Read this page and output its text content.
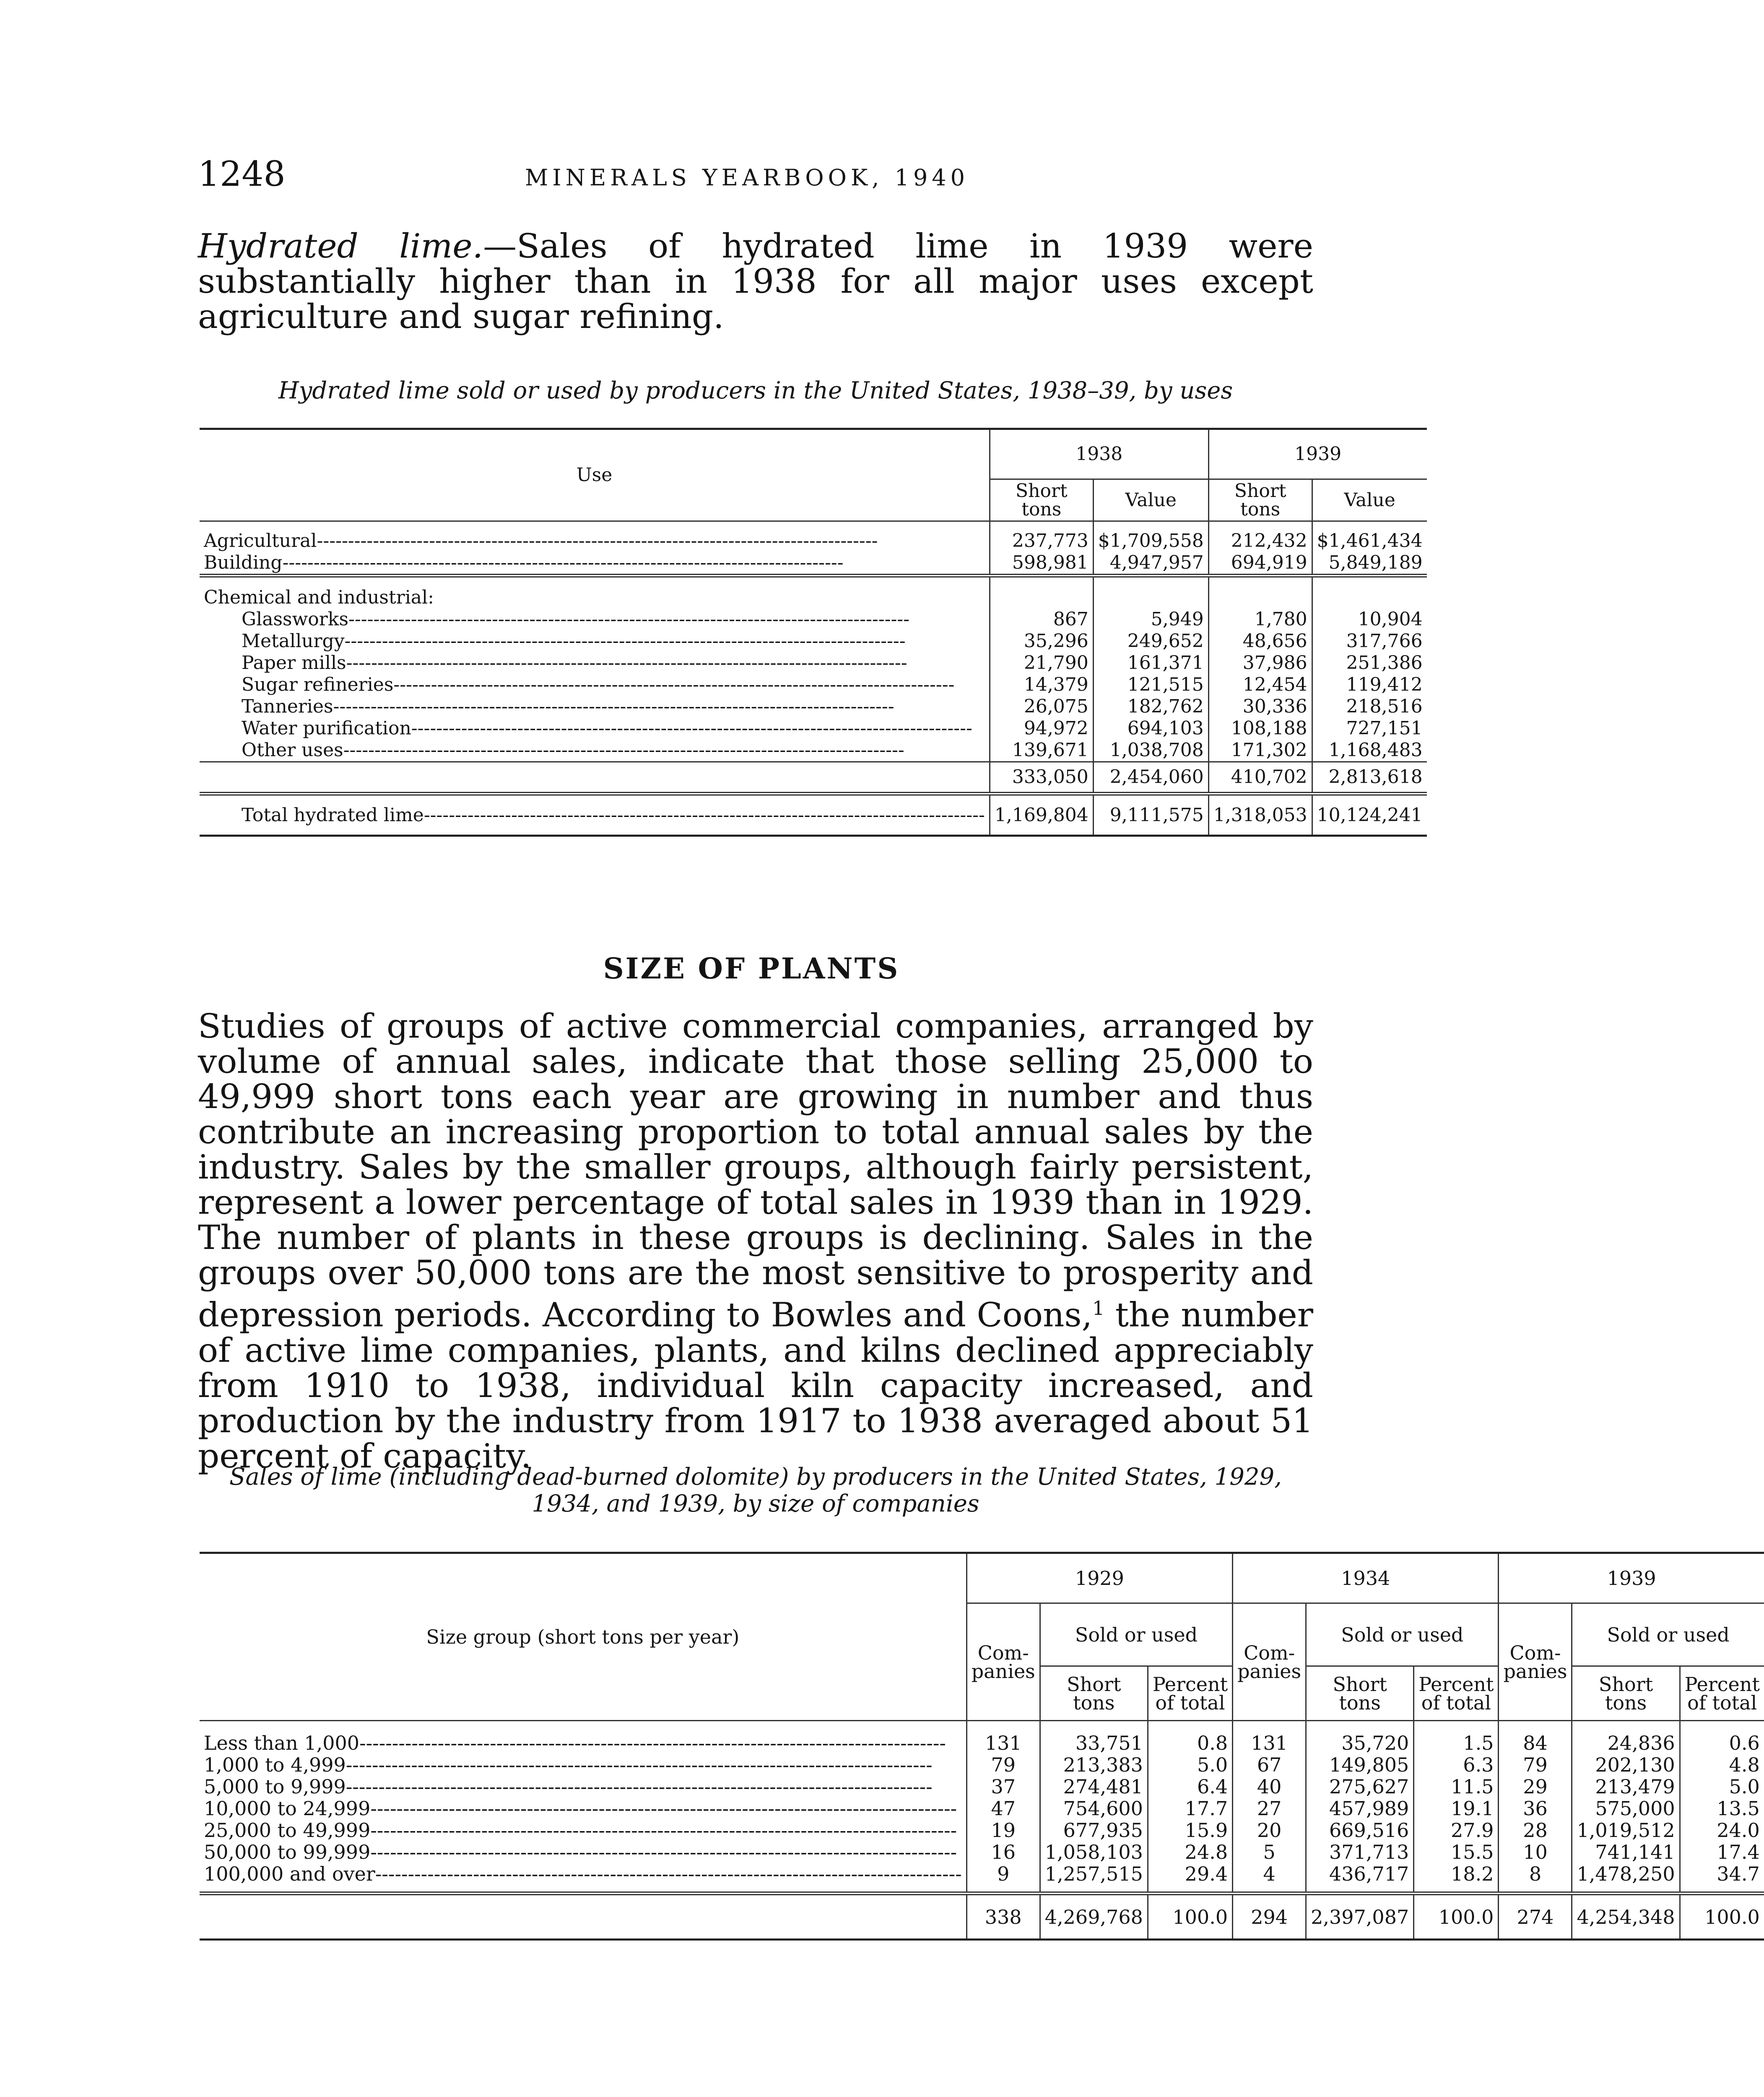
1248	MINERALS YEARBOOK, 1940
Hydrated lime.—Sales of hydrated lime in 1939 were substantially higher than in 1938 for all major uses except agriculture and sugar refining.
Hydrated lime sold or used by producers in the United States, 1938–39, by uses
Use	1938		1939	
	Short tons	Value	Short tons	Value
Agricultural -----	237,773	$1,709,558	212,432	$1,461,434
Building -----	598,981	4,947,957	694,919	5,849,189
Chemical and industrial:				
Glassworks -----	867	5,949	1,780	10,904
Metallurgy -----	35,296	249,652	48,656	317,766
Paper mills -----	21,790	161,371	37,986	251,386
Sugar refineries -----	14,379	121,515	12,454	119,412
Tanneries -----	26,075	182,762	30,336	218,516
Water purification -----	94,972	694,103	108,188	727,151
Other uses -----	139,671	1,038,708	171,302	1,168,483
	333,050	2,454,060	410,702	2,813,618
Total hydrated lime -----	1,169,804	9,111,575	1,318,053	10,124,241
SIZE OF PLANTS
Studies of groups of active commercial companies, arranged by volume of annual sales, indicate that those selling 25,000 to 49,999 short tons each year are growing in number and thus contribute an increasing proportion to total annual sales by the industry. Sales by the smaller groups, although fairly persistent, represent a lower percentage of total sales in 1939 than in 1929. The number of plants in these groups is declining. Sales in the groups over 50,000 tons are the most sensitive to prosperity and depression periods. According to Bowles and Coons,$^1$ the number of active lime companies, plants, and kilns declined appreciably from 1910 to 1938, individual kiln capacity increased, and production by the industry from 1917 to 1938 averaged about 51 percent of capacity.
Sales of lime (including dead-burned dolomite) by producers in the United States, 1929,
1934, and 1939, by size of companies
Size group (short tons per year)	1929			1934			1939		
	Com-panies	Sold or used		Com-panies	Sold or used		Com-panies	Sold or used	
		Short tons	Percent of total		Short tons	Percent of total		Short tons	Percent of total
Less than 1,000 -----	131	33,751	0.8	131	35,720	1.5	84	24,836	0.6
1,000 to 4,999 -----	79	213,383	5.0	67	149,805	6.3	79	202,130	4.8
5,000 to 9,999 -----	37	274,481	6.4	40	275,627	11.5	29	213,479	5.0
10,000 to 24,999 -----	47	754,600	17.7	27	457,989	19.1	36	575,000	13.5
25,000 to 49,999 -----	19	677,935	15.9	20	669,516	27.9	28	1,019,512	24.0
50,000 to 99,999 -----	16	1,058,103	24.8	5	371,713	15.5	10	741,141	17.4
100,000 and over -----	9	1,257,515	29.4	4	436,717	18.2	8	1,478,250	34.7
	338	4,269,768	100.0	294	2,397,087	100.0	274	4,254,348	100.0
